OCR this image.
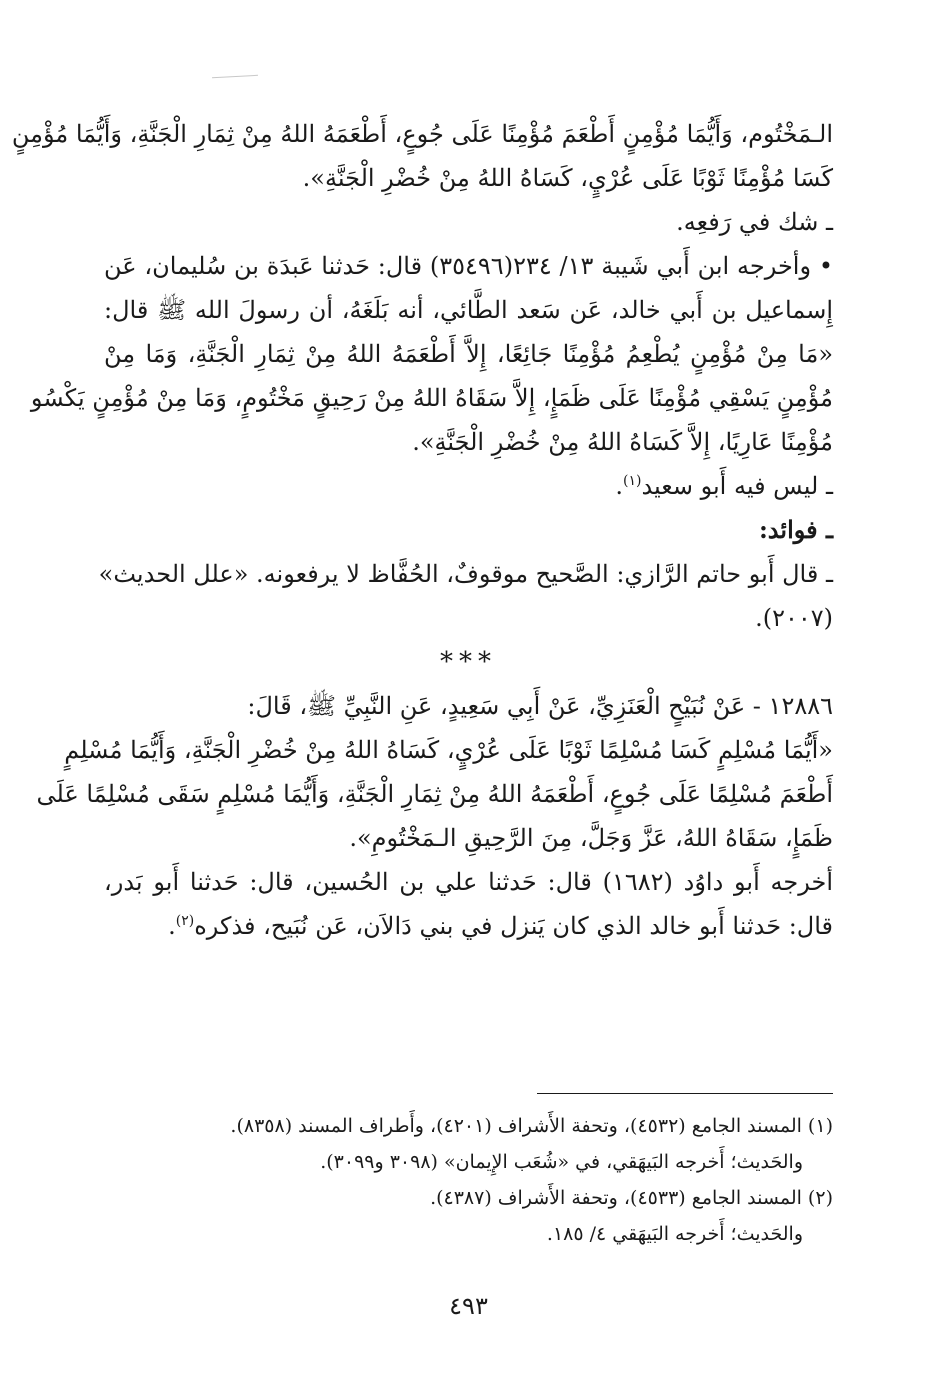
الـمَخْتُوم، وَأَيُّمَا مُؤْمِنٍ أَطْعَمَ مُؤْمِنًا عَلَى جُوعٍ، أَطْعَمَهُ اللهُ مِنْ ثِمَارِ الْجَنَّةِ، وَأَيُّمَا مُؤْمِنٍ
كَسَا مُؤْمِنًا ثَوْبًا عَلَى عُرْيٍ، كَسَاهُ اللهُ مِنْ خُضْرِ الْجَنَّةِ».
ـ شك في رَفعِه.
• وأخرجه ابن أَبي شَيبة ١٣/ ٢٣٤(٣٥٤٩٦) قال: حَدثنا عَبدَة بن سُليمان، عَن
إِسماعيل بن أَبي خالد، عَن سَعد الطَّائي، أنه بَلَغَهُ، أن رسولَ الله ﷺ قال:
«مَا مِنْ مُؤْمِنٍ يُطْعِمُ مُؤْمِنًا جَائِعًا، إِلاَّ أَطْعَمَهُ اللهُ مِنْ ثِمَارِ الْجَنَّةِ، وَمَا مِنْ
مُؤْمِنٍ يَسْقِي مُؤْمِنًا عَلَى ظَمَإٍ، إِلاَّ سَقَاهُ اللهُ مِنْ رَحِيقٍ مَخْتُومٍ، وَمَا مِنْ مُؤْمِنٍ يَكْسُو
مُؤْمِنًا عَارِيًا، إِلاَّ كَسَاهُ اللهُ مِنْ خُضْرِ الْجَنَّةِ».
ـ ليس فيه أَبو سعيد$^{(١)}$.
ـ فوائد:
ـ قال أَبو حاتم الرَّازي: الصَّحيح موقوفٌ، الحُفَّاظ لا يرفعونه. «علل الحديث»
(٢٠٠٧).
***
١٢٨٨٦ - عَنْ نُبَيْحٍ الْعَنَزِيِّ، عَنْ أَبِي سَعِيدٍ، عَنِ النَّبِيِّ ﷺ، قَالَ:
«أَيُّمَا مُسْلِمٍ كَسَا مُسْلِمًا ثَوْبًا عَلَى عُرْيٍ، كَسَاهُ اللهُ مِنْ خُضْرِ الْجَنَّةِ، وَأَيُّمَا مُسْلِمٍ
أَطْعَمَ مُسْلِمًا عَلَى جُوعٍ، أَطْعَمَهُ اللهُ مِنْ ثِمَارِ الْجَنَّةِ، وَأَيُّمَا مُسْلِمٍ سَقَى مُسْلِمًا عَلَى
ظَمَإٍ، سَقَاهُ اللهُ، عَزَّ وَجَلَّ، مِنَ الرَّحِيقِ الـمَخْتُومِ».
أخرجه أَبو داوُد (١٦٨٢) قال: حَدثنا علي بن الحُسين، قال: حَدثنا أَبو بَدر،
قال: حَدثنا أَبو خالد الذي كان يَنزل في بني دَالاَن، عَن نُبَيح، فذكره$^{(٢)}$.
(١) المسند الجامع (٤٥٣٢)، وتحفة الأَشراف (٤٢٠١)، وأَطراف المسند (٨٣٥٨).
والحَديث؛ أَخرجه البَيهَقي، في «شُعَب الإِيمان» (٣٠٩٨ و٣٠٩٩).
(٢) المسند الجامع (٤٥٣٣)، وتحفة الأَشراف (٤٣٨٧).
والحَديث؛ أَخرجه البَيهَقي ٤/ ١٨٥.
٤٩٣
